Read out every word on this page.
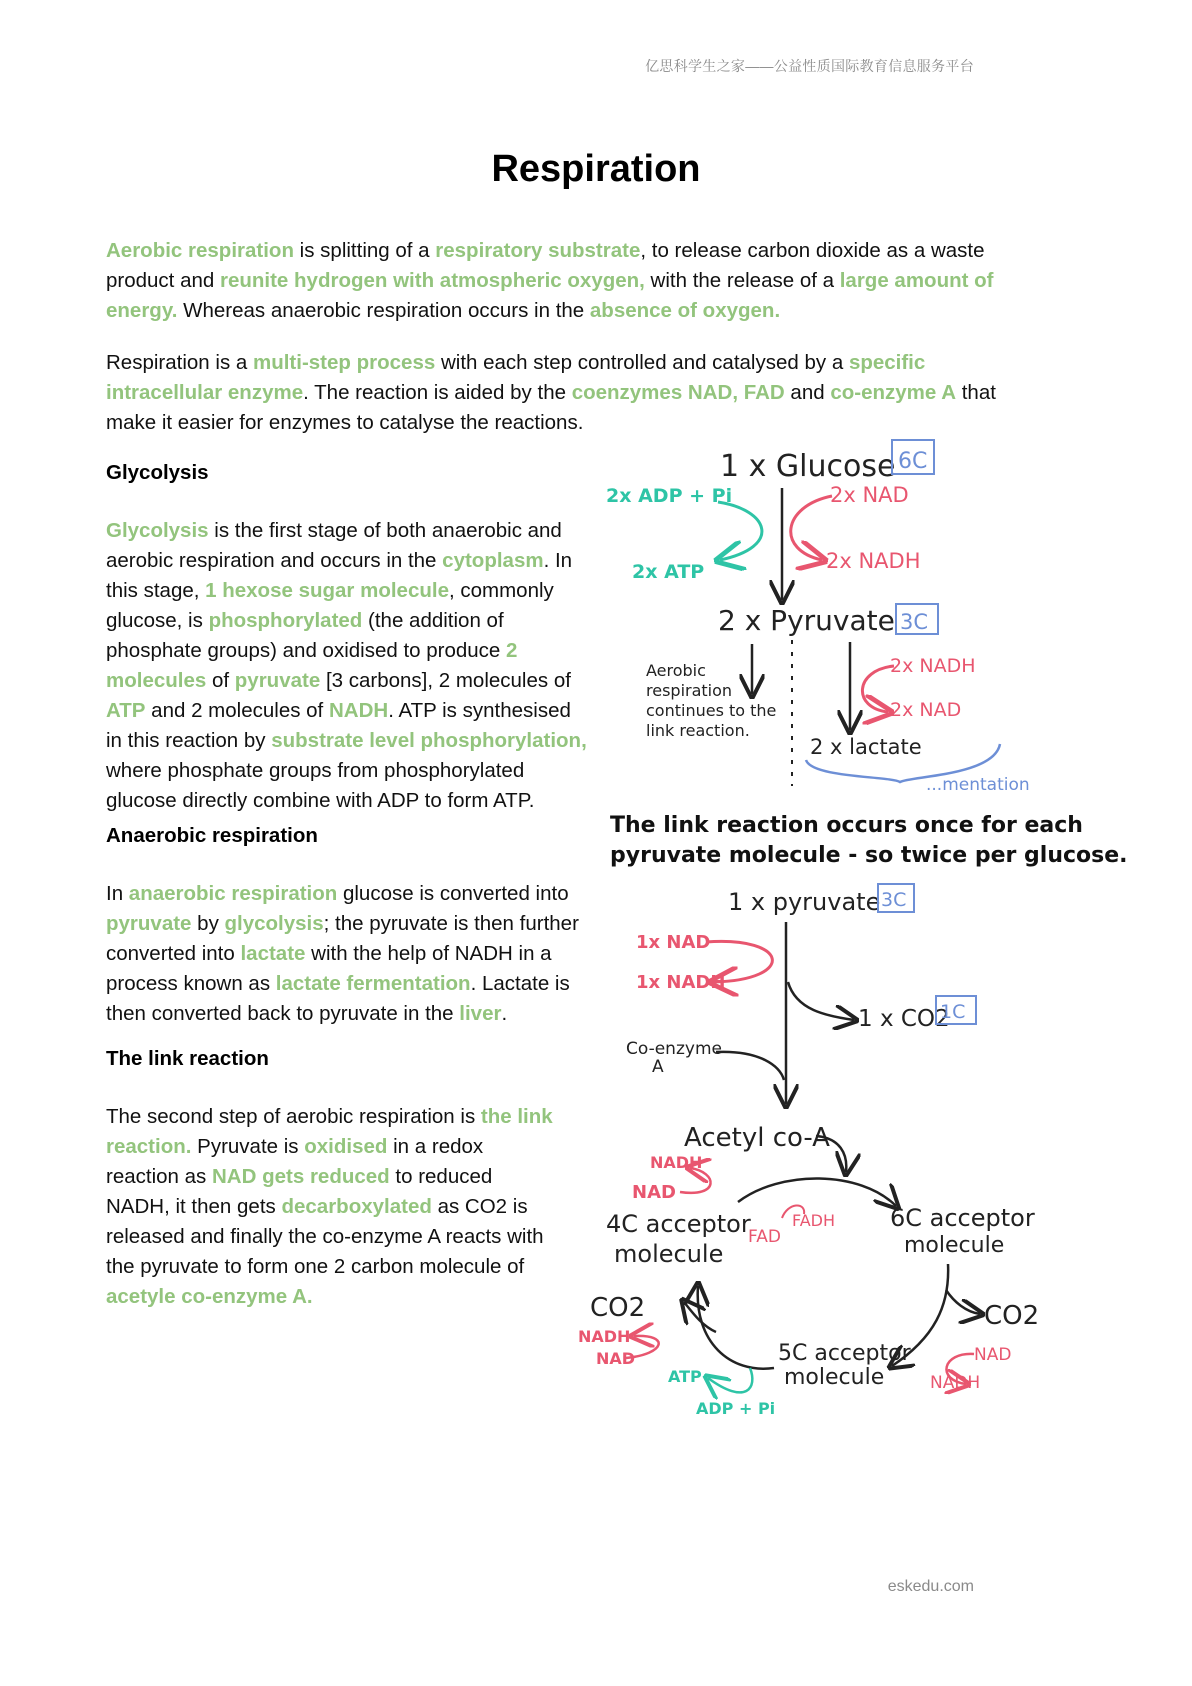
亿思科学生之家——公益性质国际教育信息服务平台
Respiration

Aerobic respiration is splitting of a respiratory substrate, to release carbon dioxide as a waste product and reunite hydrogen with atmospheric oxygen, with the release of a large amount of energy. Whereas anaerobic respiration occurs in the absence of oxygen.

Respiration is a multi-step process with each step controlled and catalysed by a specific intracellular enzyme. The reaction is aided by the coenzymes NAD, FAD and co-enzyme A that make it easier for enzymes to catalyse the reactions.

Glycolysis

Glycolysis is the first stage of both anaerobic and aerobic respiration and occurs in the cytoplasm. In this stage, 1 hexose sugar molecule, commonly glucose, is phosphorylated (the addition of phosphate groups) and oxidised to produce 2 molecules of pyruvate [3 carbons], 2 molecules of ATP and 2 molecules of NADH. ATP is synthesised in this reaction by substrate level phosphorylation, where phosphate groups from phosphorylated glucose directly combine with ADP to form ATP.

Anaerobic respiration

In anaerobic respiration glucose is converted into pyruvate by glycolysis; the pyruvate is then further converted into lactate with the help of NADH in a process known as lactate fermentation. Lactate is then converted back to pyruvate in the liver.

The link reaction

The second step of aerobic respiration is the link reaction. Pyruvate is oxidised in a redox reaction as NAD gets reduced to reduced NADH, it then gets decarboxylated as CO2 is released and finally the co-enzyme A reacts with the pyruvate to form one 2 carbon molecule of acetyle co-enzyme A.

1 x Glucose 6C
2x ADP + Pi	2x NAD
2x ATP	2x NADH
2 x Pyruvate 3C
Aerobic
respiration
continues to the
link reaction.
2x NADH
2x NAD
2 x lactate
...mentation
The link reaction occurs once for each
pyruvate molecule - so twice per glucose.
1 x pyruvate 3C
1x NAD
1x NADH
1 x CO2
1C
Co-enzyme
A
Acetyl co-A
NADH
NAD
4C acceptor
molecule
FAD
FADH 6C acceptor
molecule
CO2
NAD
NADH
5C acceptor
molecule
CO2
NADH
NAD
ATP
ADP + Pi
eskedu.com
